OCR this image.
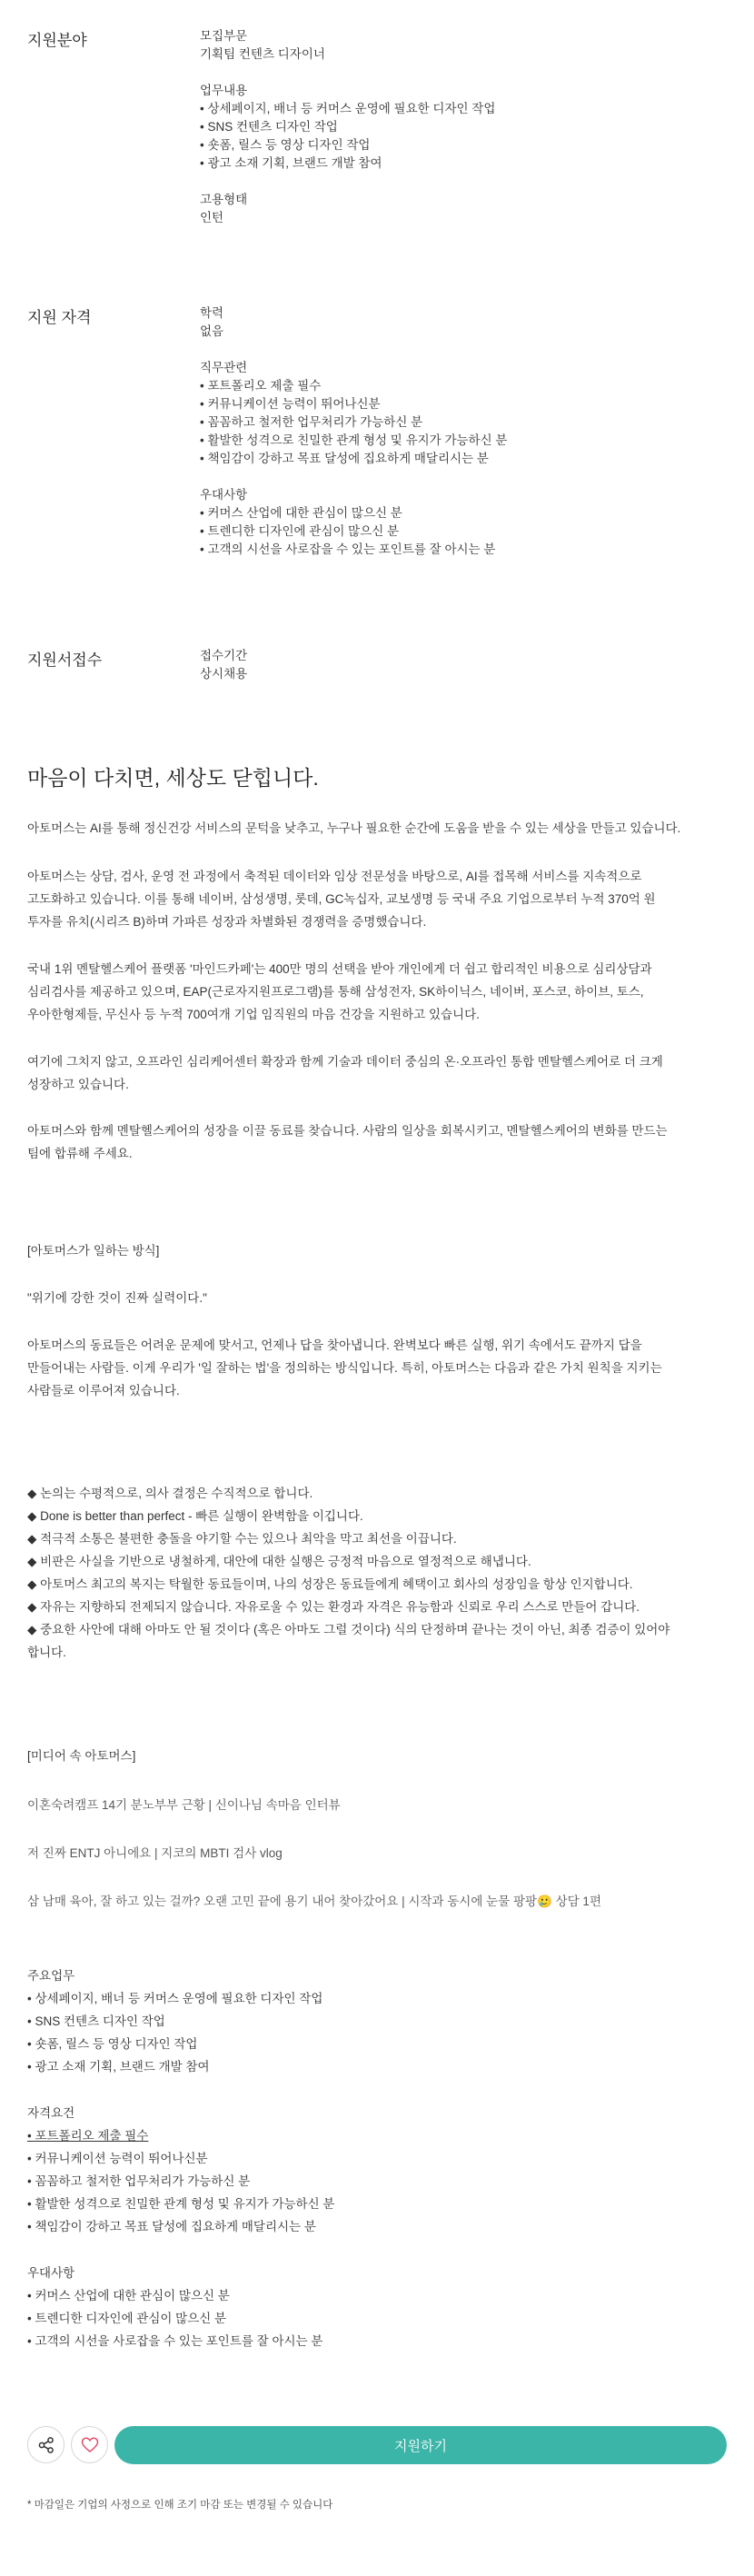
지원분야	모집부문
기획팀 컨텐츠 디자이너
업무내용
• 상세페이지, 배너 등 커머스 운영에 필요한 디자인 작업
• SNS 컨텐츠 디자인 작업
• 숏폼, 릴스 등 영상 디자인 작업
• 광고 소재 기획, 브랜드 개발 참여
고용형태
인턴
지원 자격	학력
없음
직무관련
• 포트폴리오 제출 필수
• 커뮤니케이션 능력이 뛰어나신분
• 꼼꼼하고 철저한 업무처리가 가능하신 분
• 활발한 성격으로 친밀한 관계 형성 및 유지가 가능하신 분
• 책임감이 강하고 목표 달성에 집요하게 매달리시는 분
우대사항
• 커머스 산업에 대한 관심이 많으신 분
• 트렌디한 디자인에 관심이 많으신 분
• 고객의 시선을 사로잡을 수 있는 포인트를 잘 아시는 분
지원서접수	접수기간
상시채용
마음이 다치면, 세상도 닫힙니다.
아토머스는 AI를 통해 정신건강 서비스의 문턱을 낮추고, 누구나 필요한 순간에 도움을 받을 수 있는 세상을 만들고 있습니다.
아토머스는 상담, 검사, 운영 전 과정에서 축적된 데이터와 임상 전문성을 바탕으로, AI를 접목해 서비스를 지속적으로
고도화하고 있습니다. 이를 통해 네이버, 삼성생명, 롯데, GC녹십자, 교보생명 등 국내 주요 기업으로부터 누적 370억 원
투자를 유치(시리즈 B)하며 가파른 성장과 차별화된 경쟁력을 증명했습니다.
국내 1위 멘탈헬스케어 플랫폼 '마인드카페'는 400만 명의 선택을 받아 개인에게 더 쉽고 합리적인 비용으로 심리상담과
심리검사를 제공하고 있으며, EAP(근로자지원프로그램)를 통해 삼성전자, SK하이닉스, 네이버, 포스코, 하이브, 토스,
우아한형제들, 무신사 등 누적 700여개 기업 임직원의 마음 건강을 지원하고 있습니다.
여기에 그치지 않고, 오프라인 심리케어센터 확장과 함께 기술과 데이터 중심의 온·오프라인 통합 멘탈헬스케어로 더 크게
성장하고 있습니다.
아토머스와 함께 멘탈헬스케어의 성장을 이끌 동료를 찾습니다. 사람의 일상을 회복시키고, 멘탈헬스케어의 변화를 만드는
팀에 합류해 주세요.
[아토머스가 일하는 방식]
"위기에 강한 것이 진짜 실력이다."
아토머스의 동료들은 어려운 문제에 맞서고, 언제나 답을 찾아냅니다. 완벽보다 빠른 실행, 위기 속에서도 끝까지 답을
만들어내는 사람들. 이게 우리가 '일 잘하는 법'을 정의하는 방식입니다. 특히, 아토머스는 다음과 같은 가치 원칙을 지키는
사람들로 이루어져 있습니다.
◆ 논의는 수평적으로, 의사 결정은 수직적으로 합니다.
◆ Done is better than perfect - 빠른 실행이 완벽함을 이깁니다.
◆ 적극적 소통은 불편한 충돌을 야기할 수는 있으나 최악을 막고 최선을 이끕니다.
◆ 비판은 사실을 기반으로 냉철하게, 대안에 대한 실행은 긍정적 마음으로 열정적으로 해냅니다.
◆ 아토머스 최고의 복지는 탁월한 동료들이며, 나의 성장은 동료들에게 혜택이고 회사의 성장임을 항상 인지합니다.
◆ 자유는 지향하되 전제되지 않습니다. 자유로울 수 있는 환경과 자격은 유능함과 신뢰로 우리 스스로 만들어 갑니다.
◆ 중요한 사안에 대해 아마도 안 될 것이다 (혹은 아마도 그럴 것이다) 식의 단정하며 끝나는 것이 아닌, 최종 검증이 있어야
합니다.
[미디어 속 아토머스]
이혼숙려캠프 14기 분노부부 근황 | 신이나님 속마음 인터뷰
저 진짜 ENTJ 아니에요 | 지코의 MBTI 검사 vlog
삼 남매 육아, 잘 하고 있는 걸까? 오랜 고민 끝에 용기 내어 찾아갔어요 | 시작과 동시에 눈물 팡팡🥲 상담 1편
주요업무
• 상세페이지, 배너 등 커머스 운영에 필요한 디자인 작업
• SNS 컨텐츠 디자인 작업
• 숏폼, 릴스 등 영상 디자인 작업
• 광고 소재 기획, 브랜드 개발 참여
자격요건
• 포트폴리오 제출 필수
• 커뮤니케이션 능력이 뛰어나신분
• 꼼꼼하고 철저한 업무처리가 가능하신 분
• 활발한 성격으로 친밀한 관계 형성 및 유지가 가능하신 분
• 책임감이 강하고 목표 달성에 집요하게 매달리시는 분
우대사항
• 커머스 산업에 대한 관심이 많으신 분
• 트렌디한 디자인에 관심이 많으신 분
• 고객의 시선을 사로잡을 수 있는 포인트를 잘 아시는 분
지원하기
* 마감일은 기업의 사정으로 인해 조기 마감 또는 변경될 수 있습니다
